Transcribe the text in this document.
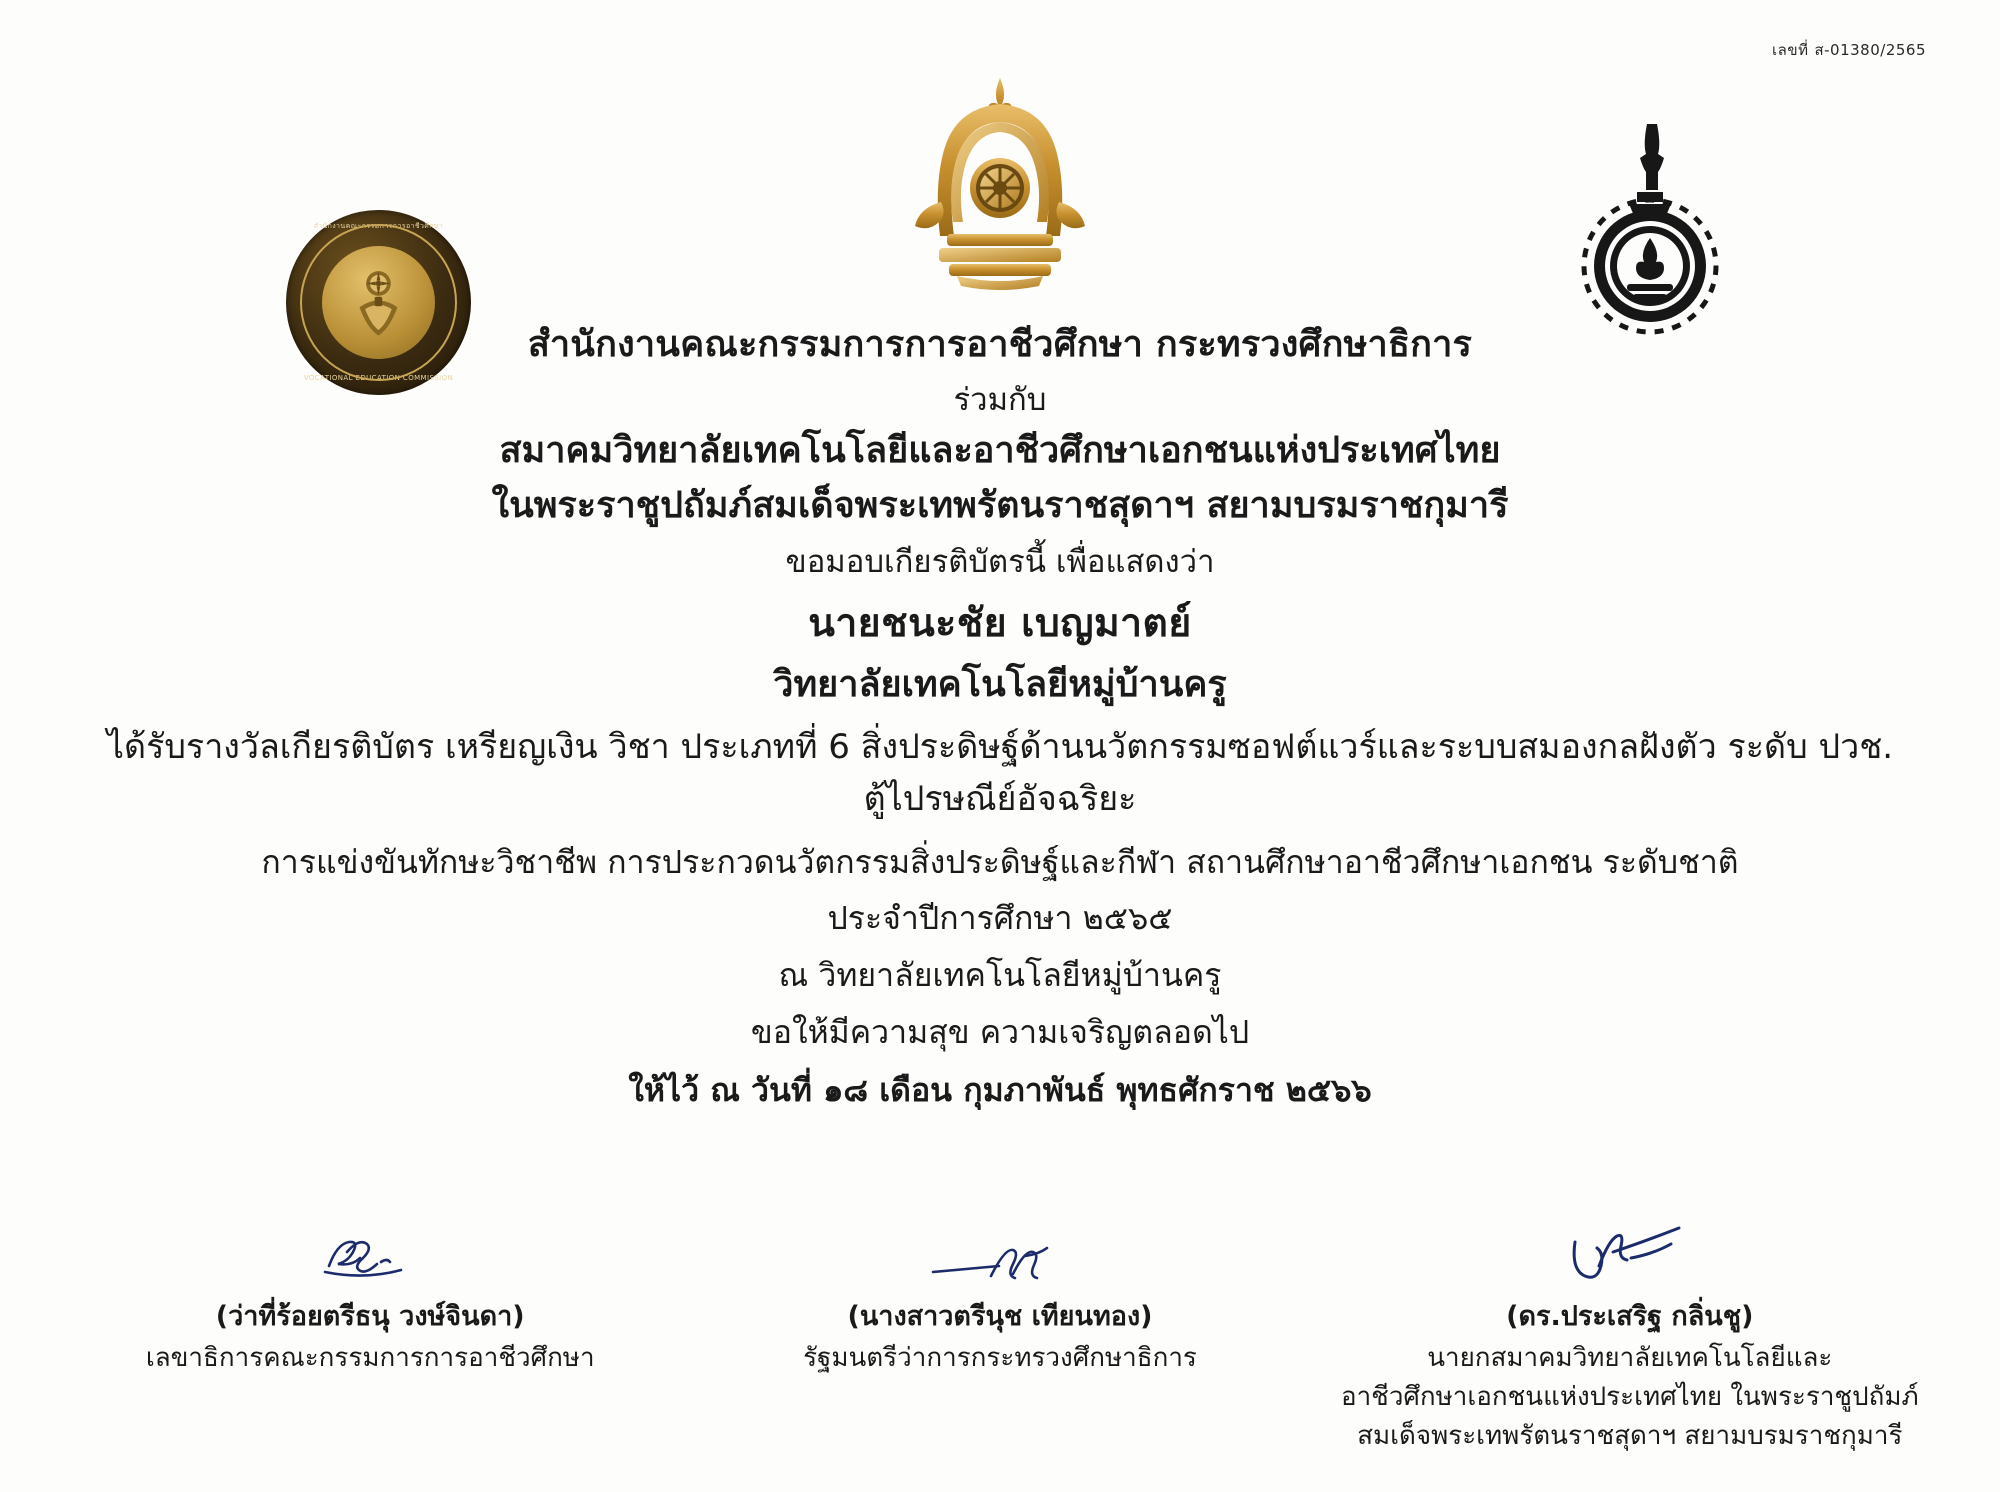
เลขที่ ส-01380/2565
สำนักงานคณะกรรมการการอาชีวศึกษา
VOCATIONAL EDUCATION COMMISSION
สำนักงานคณะกรรมการการอาชีวศึกษา กระทรวงศึกษาธิการ
ร่วมกับ
สมาคมวิทยาลัยเทคโนโลยีและอาชีวศึกษาเอกชนแห่งประเทศไทย
ในพระราชูปถัมภ์สมเด็จพระเทพรัตนราชสุดาฯ สยามบรมราชกุมารี
ขอมอบเกียรติบัตรนี้ เพื่อแสดงว่า
นายชนะชัย เบญมาตย์
วิทยาลัยเทคโนโลยีหมู่บ้านครู
ได้รับรางวัลเกียรติบัตร เหรียญเงิน วิชา ประเภทที่ 6 สิ่งประดิษฐ์ด้านนวัตกรรมซอฟต์แวร์และระบบสมองกลฝังตัว ระดับ ปวช.
ตู้ไปรษณีย์อัจฉริยะ
การแข่งขันทักษะวิชาชีพ การประกวดนวัตกรรมสิ่งประดิษฐ์และกีฬา สถานศึกษาอาชีวศึกษาเอกชน ระดับชาติ
ประจำปีการศึกษา ๒๕๖๕
ณ วิทยาลัยเทคโนโลยีหมู่บ้านครู
ขอให้มีความสุข ความเจริญตลอดไป
ให้ไว้ ณ วันที่ ๑๘ เดือน กุมภาพันธ์ พุทธศักราช ๒๕๖๖
(ว่าที่ร้อยตรีธนุ วงษ์จินดา)
เลขาธิการคณะกรรมการการอาชีวศึกษา
(นางสาวตรีนุช เทียนทอง)
รัฐมนตรีว่าการกระทรวงศึกษาธิการ
(ดร.ประเสริฐ กลิ่นชู)
นายกสมาคมวิทยาลัยเทคโนโลยีและ
อาชีวศึกษาเอกชนแห่งประเทศไทย ในพระราชูปถัมภ์
สมเด็จพระเทพรัตนราชสุดาฯ สยามบรมราชกุมารี
